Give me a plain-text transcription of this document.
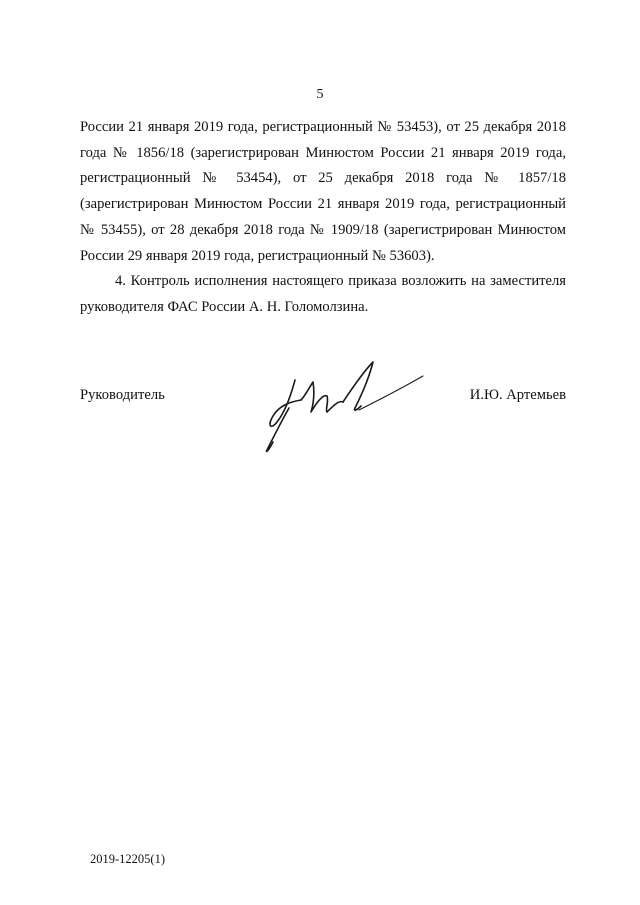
5

России 21 января 2019 года, регистрационный № 53453), от 25 декабря 2018 года № 1856/18 (зарегистрирован Минюстом России 21 января 2019 года, регистрационный № 53454), от 25 декабря 2018 года № 1857/18 (зарегистрирован Минюстом России 21 января 2019 года, регистрационный № 53455), от 28 декабря 2018 года № 1909/18 (зарегистрирован Минюстом России 29 января 2019 года, регистрационный № 53603).

4. Контроль исполнения настоящего приказа возложить на заместителя руководителя ФАС России А. Н. Голомолзина.

Руководитель	И.Ю. Артемьев
2019-12205(1)
